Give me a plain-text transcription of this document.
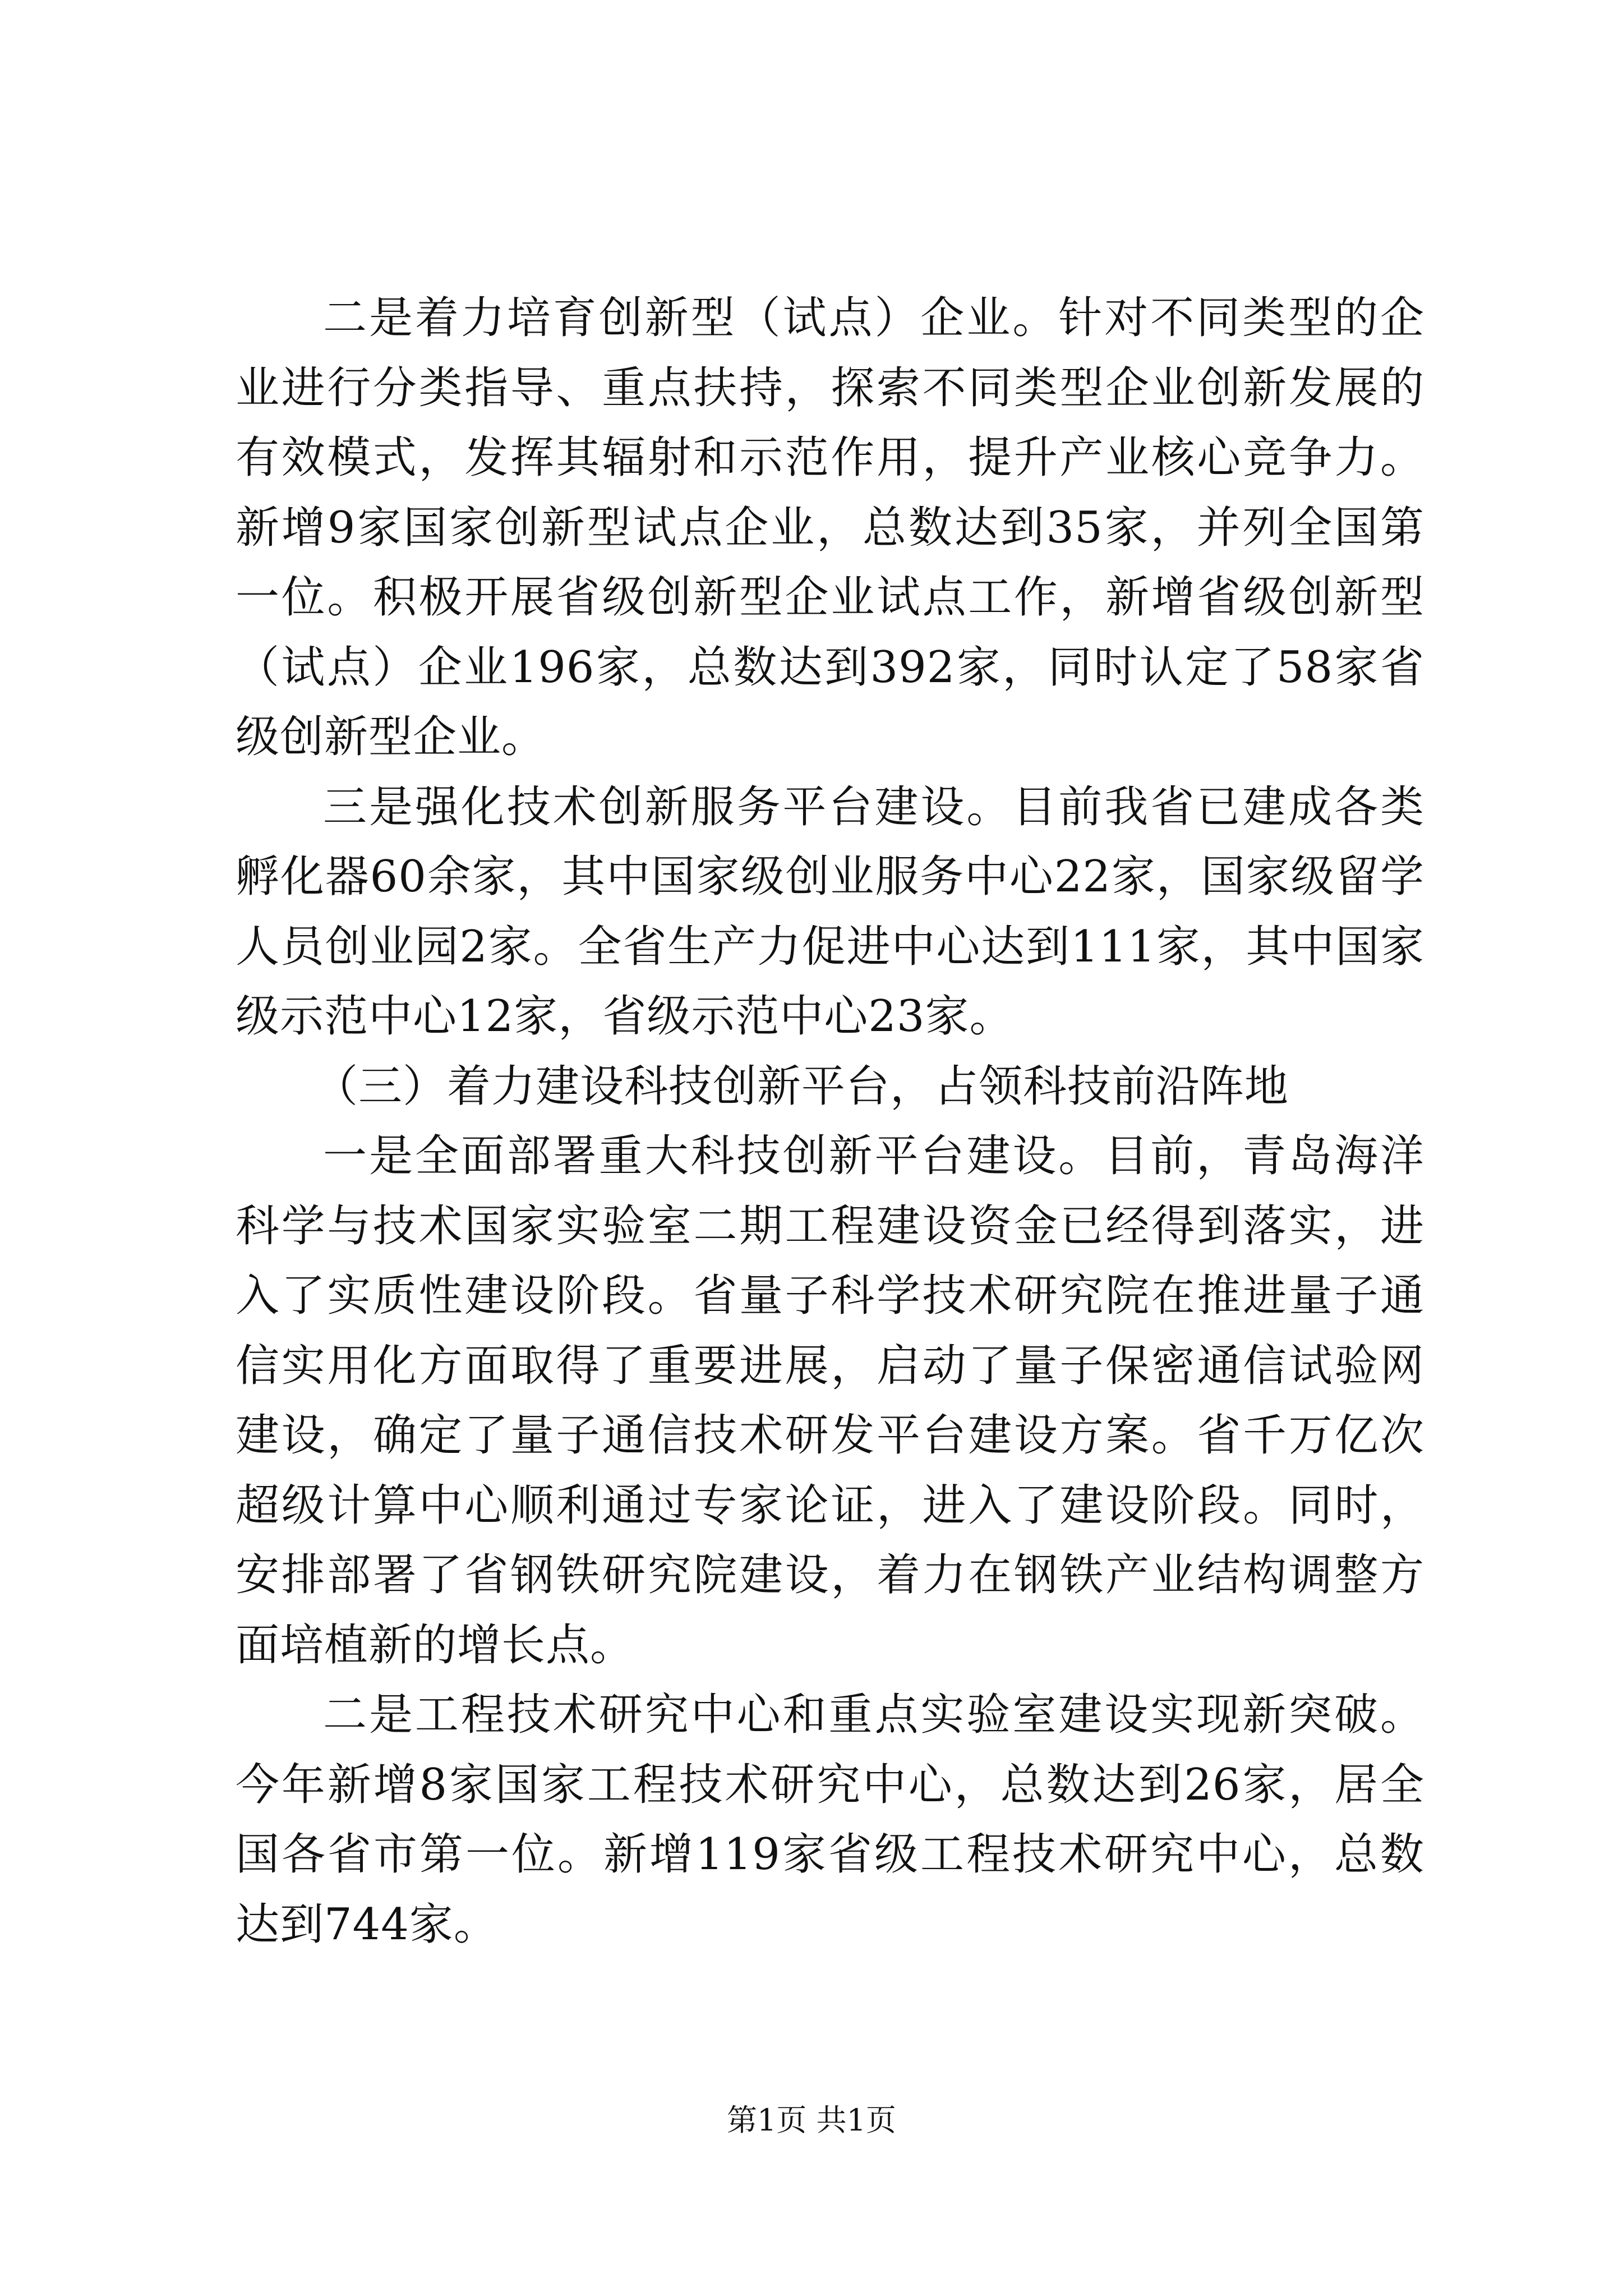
二是着力培育创新型（试点）企业。针对不同类型的企业进行分类指导、重点扶持，探索不同类型企业创新发展的有效模式，发挥其辐射和示范作用，提升产业核心竞争力。新增9家国家创新型试点企业，总数达到35家，并列全国第一位。积极开展省级创新型企业试点工作，新增省级创新型（试点）企业196家，总数达到392家，同时认定了58家省级创新型企业。

三是强化技术创新服务平台建设。目前我省已建成各类孵化器60余家，其中国家级创业服务中心22家，国家级留学人员创业园2家。全省生产力促进中心达到111家，其中国家级示范中心12家，省级示范中心23家。

（三）着力建设科技创新平台，占领科技前沿阵地

一是全面部署重大科技创新平台建设。目前，青岛海洋科学与技术国家实验室二期工程建设资金已经得到落实，进入了实质性建设阶段。省量子科学技术研究院在推进量子通信实用化方面取得了重要进展，启动了量子保密通信试验网建设，确定了量子通信技术研发平台建设方案。省千万亿次超级计算中心顺利通过专家论证，进入了建设阶段。同时，安排部署了省钢铁研究院建设，着力在钢铁产业结构调整方面培植新的增长点。

二是工程技术研究中心和重点实验室建设实现新突破。今年新增8家国家工程技术研究中心，总数达到26家，居全国各省市第一位。新增119家省级工程技术研究中心，总数达到744家。

第1页 共1页
